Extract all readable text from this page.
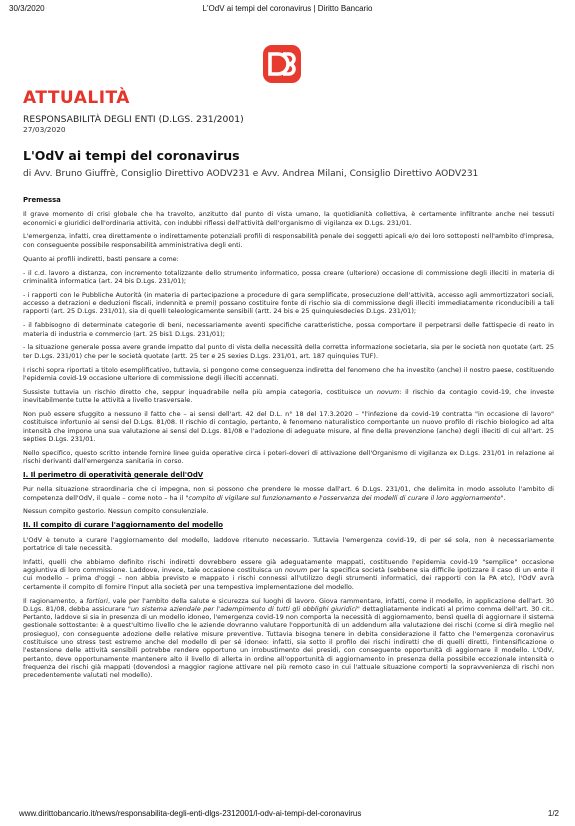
30/3/2020	L'OdV ai tempi del coronavirus | Diritto Bancario
ATTUALITÀ
RESPONSABILITÀ DEGLI ENTI (D.LGS. 231/2001)
27/03/2020
L'OdV ai tempi del coronavirus
di Avv. Bruno Giuffrè, Consiglio Direttivo AODV231 e Avv. Andrea Milani, Consiglio Direttivo AODV231

Premessa

Il grave momento di crisi globale che ha travolto, anzitutto dal punto di vista umano, la quotidianità collettiva, è certamente infiltrante anche nei tessuti economici e giuridici dell'ordinaria attività, con indubbi riflessi dell'attività dell'organismo di vigilanza ex D.Lgs. 231/01.

L'emergenza, infatti, crea direttamente o indirettamente potenziali profili di responsabilità penale dei soggetti apicali e/o dei loro sottoposti nell'ambito d'impresa, con conseguente possibile responsabilità amministrativa degli enti.

Quanto ai profili indiretti, basti pensare a come:

- il c.d. lavoro a distanza, con incremento totalizzante dello strumento informatico, possa creare (ulteriore) occasione di commissione degli illeciti in materia di criminalità informatica (art. 24 bis D.Lgs. 231/01);

- i rapporti con le Pubbliche Autorità (in materia di partecipazione a procedure di gara semplificate, prosecuzione dell'attività, accesso agli ammortizzatori sociali, accesso a detrazioni e deduzioni fiscali, indennità e premi) possano costituire fonte di rischio sia di commissione degli illeciti immediatamente riconducibili a tali rapporti (art. 25 D.Lgs. 231/01), sia di quelli teleologicamente sensibili (artt. 24 bis e 25 quinquiesdecies D.Lgs. 231/01);

- il fabbisogno di determinate categorie di beni, necessariamente aventi specifiche caratteristiche, possa comportare il perpetrarsi delle fattispecie di reato in materia di industria e commercio (art. 25 bis1 D.Lgs. 231/01);

- la situazione generale possa avere grande impatto dal punto di vista della necessità della corretta informazione societaria, sia per le società non quotate (art. 25 ter D.Lgs. 231/01) che per le società quotate (artt. 25 ter e 25 sexies D.Lgs. 231/01, art. 187 quinquies TUF).

I rischi sopra riportati a titolo esemplificativo, tuttavia, si pongono come conseguenza indiretta del fenomeno che ha investito (anche) il nostro paese, costituendo l'epidemia covid-19 occasione ulteriore di commissione degli illeciti accennati.

Sussiste tuttavia un rischio diretto che, seppur inquadrabile nella più ampia categoria, costituisce un novum: il rischio da contagio covid-19, che investe inevitabilmente tutte le attività a livello trasversale.

Non può essere sfuggito a nessuno il fatto che – ai sensi dell'art. 42 del D.L. n° 18 del 17.3.2020 – "l'infezione da covid-19 contratta "in occasione di lavoro" costituisce infortunio ai sensi del D.Lgs. 81/08. Il rischio di contagio, pertanto, è fenomeno naturalistico comportante un nuovo profilo di rischio biologico ad alta intensità che impone una sua valutazione ai sensi del D.Lgs. 81/08 e l'adozione di adeguate misure, al fine della prevenzione (anche) degli illeciti di cui all'art. 25 septies D.Lgs. 231/01.

Nello specifico, questo scritto intende fornire linee guida operative circa i poteri-doveri di attivazione dell'Organismo di vigilanza ex D.Lgs. 231/01 in relazione ai rischi derivanti dall'emergenza sanitaria in corso.

I. Il perimetro di operatività generale dell'OdV

Pur nella situazione straordinaria che ci impegna, non si possono che prendere le mosse dall'art. 6 D.Lgs. 231/01, che delimita in modo assoluto l'ambito di competenza dell'OdV, il quale – come noto – ha il "compito di vigilare sul funzionamento e l'osservanza dei modelli di curare il loro aggiornamento".

Nessun compito gestorio. Nessun compito consulenziale.

II. Il compito di curare l'aggiornamento del modello

L'OdV è tenuto a curare l'aggiornamento del modello, laddove ritenuto necessario. Tuttavia l'emergenza covid-19, di per sé sola, non è necessariamente portatrice di tale necessità.

Infatti, quelli che abbiamo definito rischi indiretti dovrebbero essere già adeguatamente mappati, costituendo l'epidemia covid-19 "semplice" occasione aggiuntiva di loro commissione. Laddove, invece, tale occasione costituisca un novum per la specifica società (sebbene sia difficile ipotizzare il caso di un ente il cui modello – prima d'oggi – non abbia previsto e mappato i rischi connessi all'utilizzo degli strumenti informatici, dei rapporti con la PA etc), l'OdV avrà certamente il compito di fornire l'input alla società per una tempestiva implementazione del modello.

Il ragionamento, a fortiori, vale per l'ambito della salute e sicurezza sui luoghi di lavoro. Giova rammentare, infatti, come il modello, in applicazione dell'art. 30 D.Lgs. 81/08, debba assicurare "un sistema aziendale per l'adempimento di tutti gli obblighi giuridici" dettagliatamente indicati al primo comma dell'art. 30 cit.. Pertanto, laddove si sia in presenza di un modello idoneo, l'emergenza covid-19 non comporta la necessità di aggiornamento, bensì quella di aggiornare il sistema gestionale sottostante: è a quest'ultimo livello che le aziende dovranno valutare l'opportunità di un addendum alla valutazione dei rischi (come si dirà meglio nel prosieguo), con conseguente adozione delle relative misure preventive. Tuttavia bisogna tenere in debita considerazione il fatto che l'emergenza coronavirus costituisce uno stress test estremo anche del modello di per sé idoneo: infatti, sia sotto il profilo dei rischi indiretti che di quelli diretti, l'intensificazione o l'estensione delle attività sensibili potrebbe rendere opportuno un irrobustimento dei presidi, con conseguente opportunità di aggiornare il modello. L'OdV, pertanto, deve opportunamente mantenere alto il livello di allerta in ordine all'opportunità di aggiornamento in presenza della possibile eccezionale intensità o frequenza dei rischi già mappati (dovendosi a maggior ragione attivare nel più remoto caso in cui l'attuale situazione comporti la sopravvenienza di rischi non precedentemente valutati nel modello).

www.dirittobancario.it/news/responsabilita-degli-enti-dlgs-2312001/l-odv-ai-tempi-del-coronavirus	1/2
